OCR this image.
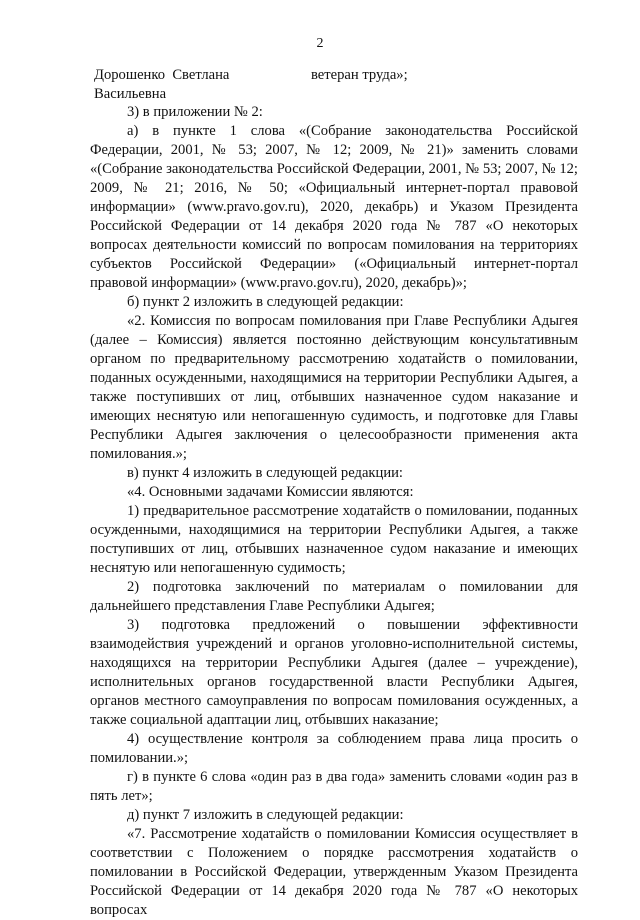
2
Дорошенко  Светлана
Васильевна
ветеран труда»;

3) в приложении № 2:

а) в пункте 1 слова «(Собрание законодательства Российской Федерации, 2001, № 53; 2007, № 12; 2009, № 21)» заменить словами «(Собрание законодательства Российской Федерации, 2001, № 53; 2007, № 12; 2009, № 21; 2016, № 50; «Официальный интернет-портал правовой информации» (www.pravo.gov.ru), 2020, декабрь) и Указом Президента Российской Федерации от 14 декабря 2020 года № 787 «О некоторых вопросах деятельности комиссий по вопросам помилования на территориях субъектов Российской Федерации» («Официальный интернет-портал правовой информации» (www.pravo.gov.ru), 2020, декабрь)»;

б) пункт 2 изложить в следующей редакции:

«2. Комиссия по вопросам помилования при Главе Республики Адыгея (далее – Комиссия) является постоянно действующим консультативным органом по предварительному рассмотрению ходатайств о помиловании, поданных осужденными, находящимися на территории Республики Адыгея, а также поступивших от лиц, отбывших назначенное судом наказание и имеющих неснятую или непогашенную судимость, и подготовке для Главы Республики Адыгея заключения о целесообразности применения акта помилования.»;

в) пункт 4 изложить в следующей редакции:

«4. Основными задачами Комиссии являются:

1) предварительное рассмотрение ходатайств о помиловании, поданных осужденными, находящимися на территории Республики Адыгея, а также поступивших от лиц, отбывших назначенное судом наказание и имеющих неснятую или непогашенную судимость;

2) подготовка заключений по материалам о помиловании для дальнейшего представления Главе Республики Адыгея;

3) подготовка предложений о повышении эффективности взаимодействия учреждений и органов уголовно-исполнительной системы, находящихся на территории Республики Адыгея (далее – учреждение), исполнительных органов государственной власти Республики Адыгея, органов местного самоуправления по вопросам помилования осужденных, а также социальной адаптации лиц, отбывших наказание;

4) осуществление контроля за соблюдением права лица просить о помиловании.»;

г) в пункте 6 слова «один раз в два года» заменить словами «один раз в пять лет»;

д) пункт 7 изложить в следующей редакции:

«7. Рассмотрение ходатайств о помиловании Комиссия осуществляет в соответствии с Положением о порядке рассмотрения ходатайств о помиловании в Российской Федерации, утвержденным Указом Президента Российской Федерации от 14 декабря 2020 года № 787 «О некоторых вопросах
